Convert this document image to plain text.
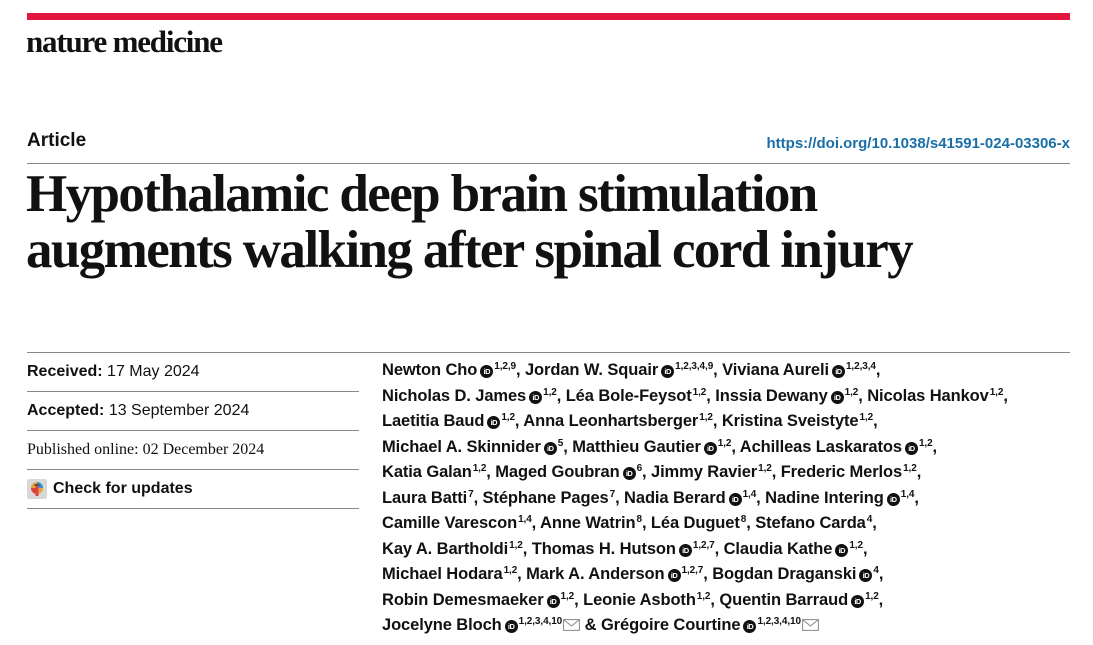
nature medicine
Article	https://doi.org/10.1038/s41591-024-03306-x
Hypothalamic deep brain stimulation
augments walking after spinal cord injury
Received:
17 May 2024
Accepted:
13 September 2024
Published online:
02 December 2024
Check for updates
Newton Cho iD $^{1,2,9}$, Jordan W. Squair iD $^{1,2,3,4,9}$, Viviana Aureli iD $^{1,2,3,4}$,
Nicholas D. James iD $^{1,2}$, Léa Bole-Feysot$^{1,2}$, Inssia Dewany iD $^{1,2}$, Nicolas Hankov$^{1,2}$,
Laetitia Baud iD $^{1,2}$, Anna Leonhartsberger$^{1,2}$, Kristina Sveistyte$^{1,2}$,
Michael A. Skinnider iD $^5$, Matthieu Gautier iD $^{1,2}$, Achilleas Laskaratos iD $^{1,2}$,
Katia Galan$^{1,2}$, Maged Goubran iD $^6$, Jimmy Ravier$^{1,2}$, Frederic Merlos$^{1,2}$,
Laura Batti$^7$, Stéphane Pages$^7$, Nadia Berard iD $^{1,4}$, Nadine Intering iD $^{1,4}$,
Camille Varescon$^{1,4}$, Anne Watrin$^8$, Léa Duguet$^8$, Stefano Carda$^4$,
Kay A. Bartholdi$^{1,2}$, Thomas H. Hutson iD $^{1,2,7}$, Claudia Kathe iD $^{1,2}$,
Michael Hodara$^{1,2}$, Mark A. Anderson iD $^{1,2,7}$, Bogdan Draganski iD $^4$,
Robin Demesmaeker iD $^{1,2}$, Leonie Asboth$^{1,2}$, Quentin Barraud iD $^{1,2}$,
Jocelyne Bloch iD $^{1,2,3,4,10}$ & Grégoire Courtine iD $^{1,2,3,4,10}$
